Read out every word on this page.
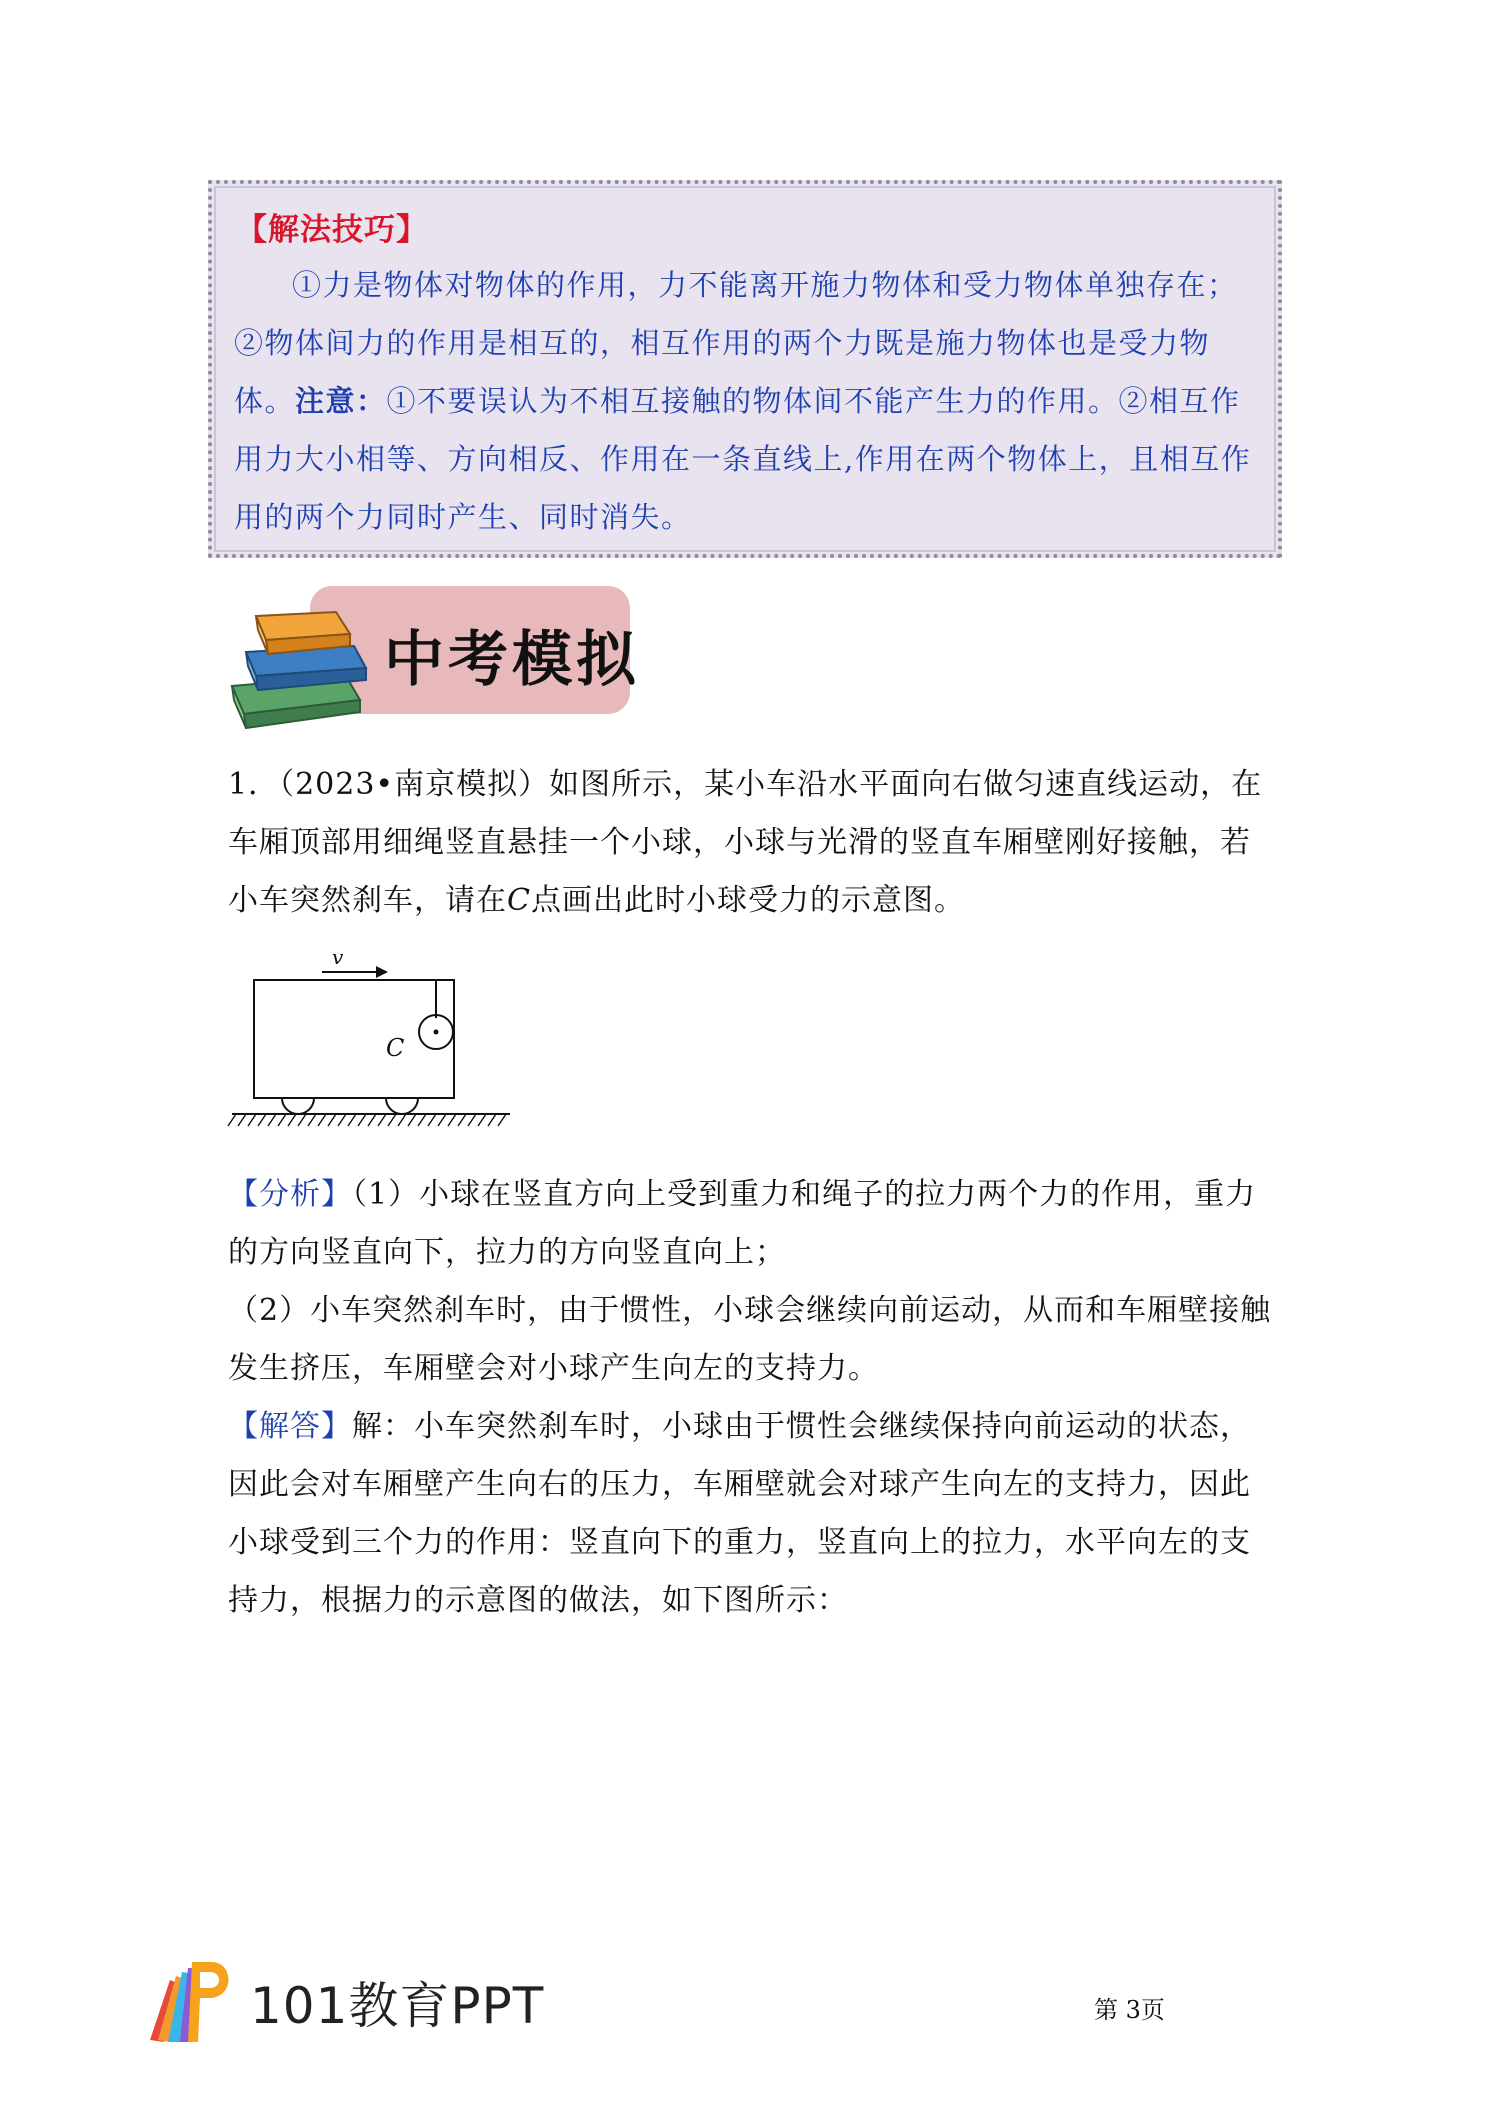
【解法技巧】
①力是物体对物体的作用，力不能离开施力物体和受力物体单独存在；②物体间力的作用是相互的，相互作用的两个力既是施力物体也是受力物体。注意：①不要误认为不相互接触的物体间不能产生力的作用。②相互作用力大小相等、方向相反、作用在一条直线上,作用在两个物体上，且相互作用的两个力同时产生、同时消失。
中考模拟
1．（2023•南京模拟）如图所示，某小车沿水平面向右做匀速直线运动，在车厢顶部用细绳竖直悬挂一个小球，小球与光滑的竖直车厢壁刚好接触，若小车突然刹车，请在C点画出此时小球受力的示意图。
v
C
【分析】（1）小球在竖直方向上受到重力和绳子的拉力两个力的作用，重力的方向竖直向下，拉力的方向竖直向上；
（2）小车突然刹车时，由于惯性，小球会继续向前运动，从而和车厢壁接触发生挤压，车厢壁会对小球产生向左的支持力。
【解答】解：小车突然刹车时，小球由于惯性会继续保持向前运动的状态，因此会对车厢壁产生向右的压力，车厢壁就会对球产生向左的支持力，因此小球受到三个力的作用：竖直向下的重力，竖直向上的拉力，水平向左的支持力，根据力的示意图的做法，如下图所示：
101教育PPT	第 3页
